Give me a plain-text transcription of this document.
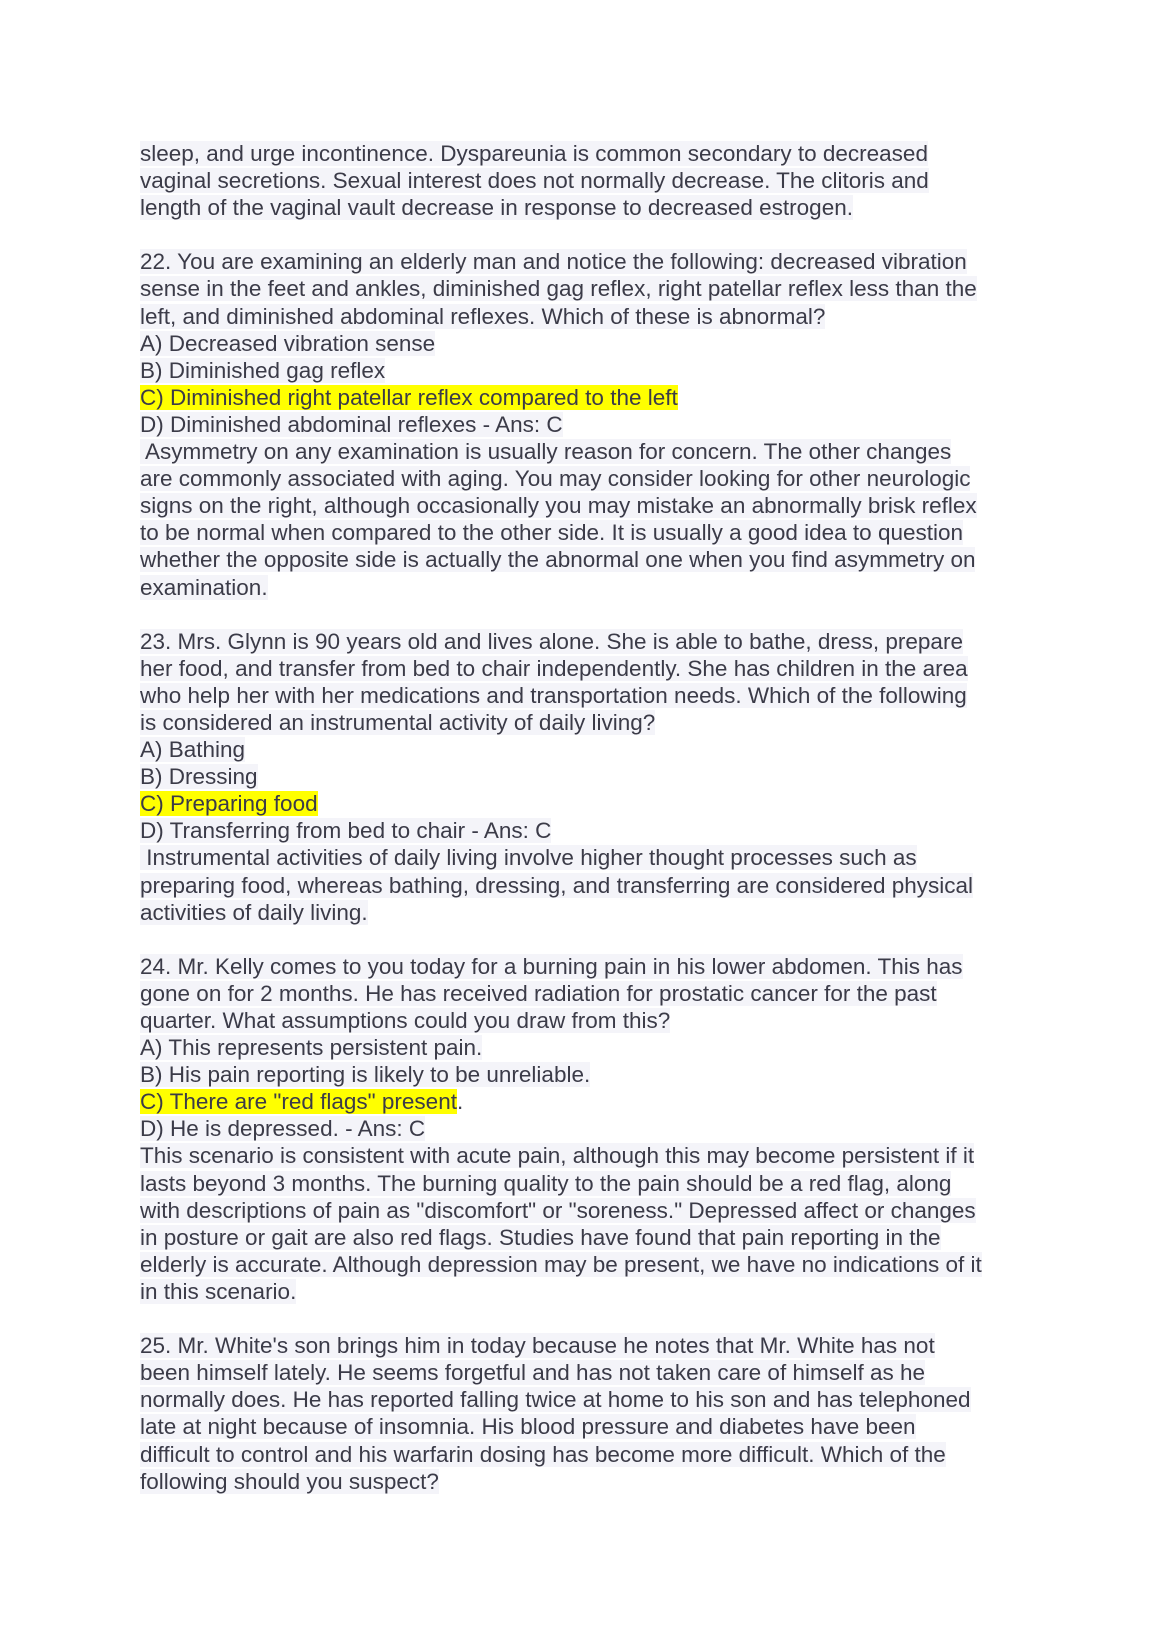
sleep, and urge incontinence. Dyspareunia is common secondary to decreased
vaginal secretions. Sexual interest does not normally decrease. The clitoris and
length of the vaginal vault decrease in response to decreased estrogen.
22. You are examining an elderly man and notice the following: decreased vibration
sense in the feet and ankles, diminished gag reflex, right patellar reflex less than the
left, and diminished abdominal reflexes. Which of these is abnormal?
A) Decreased vibration sense
B) Diminished gag reflex
C) Diminished right patellar reflex compared to the left
D) Diminished abdominal reflexes - Ans: C
Asymmetry on any examination is usually reason for concern. The other changes
are commonly associated with aging. You may consider looking for other neurologic
signs on the right, although occasionally you may mistake an abnormally brisk reflex
to be normal when compared to the other side. It is usually a good idea to question
whether the opposite side is actually the abnormal one when you find asymmetry on
examination.
23. Mrs. Glynn is 90 years old and lives alone. She is able to bathe, dress, prepare
her food, and transfer from bed to chair independently. She has children in the area
who help her with her medications and transportation needs. Which of the following
is considered an instrumental activity of daily living?
A) Bathing
B) Dressing
C) Preparing food
D) Transferring from bed to chair - Ans: C
Instrumental activities of daily living involve higher thought processes such as
preparing food, whereas bathing, dressing, and transferring are considered physical
activities of daily living.
24. Mr. Kelly comes to you today for a burning pain in his lower abdomen. This has
gone on for 2 months. He has received radiation for prostatic cancer for the past
quarter. What assumptions could you draw from this?
A) This represents persistent pain.
B) His pain reporting is likely to be unreliable.
C) There are "red flags" present.
D) He is depressed. - Ans: C
This scenario is consistent with acute pain, although this may become persistent if it
lasts beyond 3 months. The burning quality to the pain should be a red flag, along
with descriptions of pain as "discomfort" or "soreness." Depressed affect or changes
in posture or gait are also red flags. Studies have found that pain reporting in the
elderly is accurate. Although depression may be present, we have no indications of it
in this scenario.
25. Mr. White's son brings him in today because he notes that Mr. White has not
been himself lately. He seems forgetful and has not taken care of himself as he
normally does. He has reported falling twice at home to his son and has telephoned
late at night because of insomnia. His blood pressure and diabetes have been
difficult to control and his warfarin dosing has become more difficult. Which of the
following should you suspect?
